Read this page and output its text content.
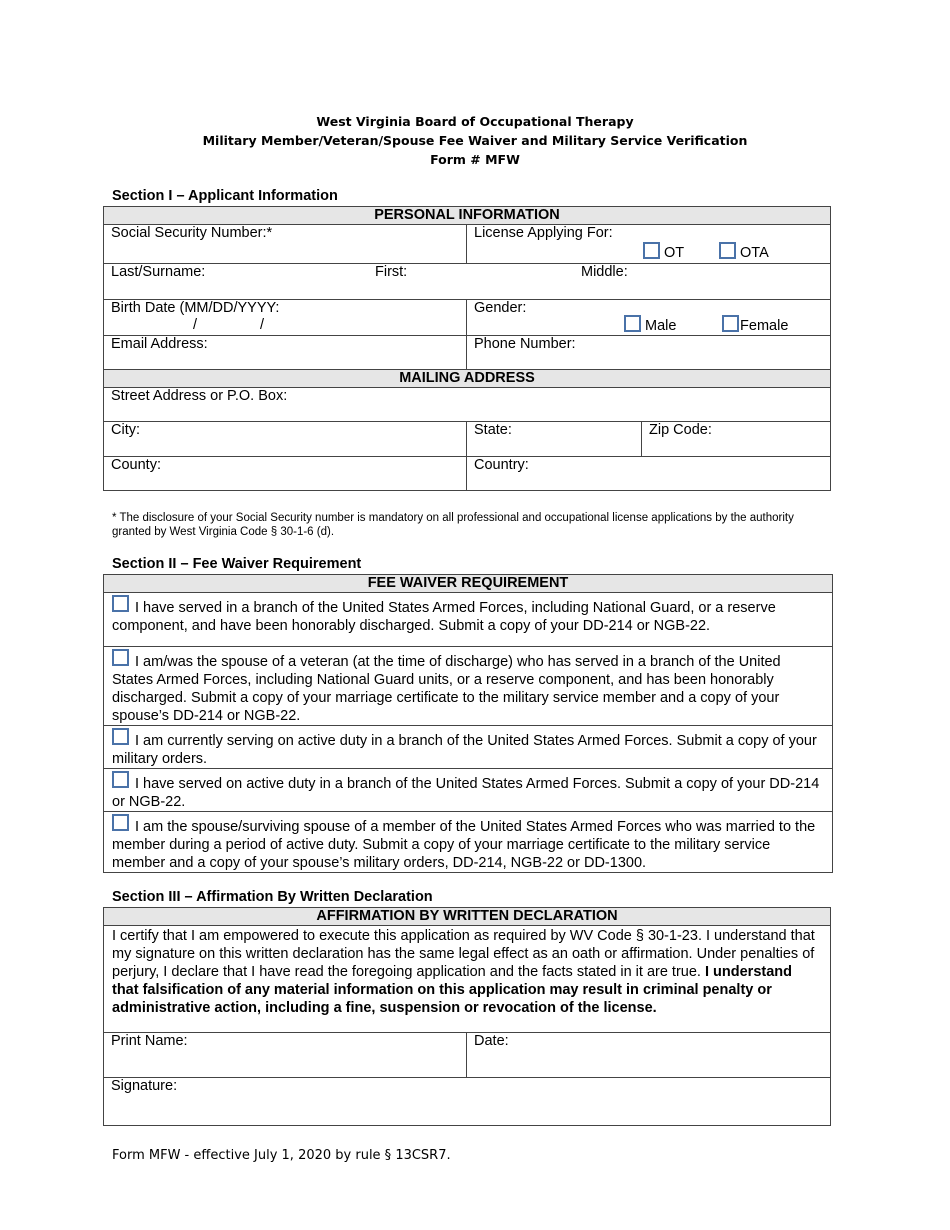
West Virginia Board of Occupational Therapy
Military Member/Veteran/Spouse Fee Waiver and Military Service Verification
Form # MFW
Section I – Applicant Information
PERSONAL INFORMATION		
Social Security Number:*	License Applying For:
OT OTA	

Last/Surname: First: Middle:		

Birth Date (MM/DD/YYYY:
/ /	Gender:
Male Female	

Email Address:	Phone Number:	
MAILING ADDRESS		
Street Address or P.O. Box:		
City:	State:	Zip Code:
County:	Country:	
* The disclosure of your Social Security number is mandatory on all professional and occupational license applications by the authority granted by West Virginia Code § 30-1-6 (d).
Section II – Fee Waiver Requirement
FEE WAIVER REQUIREMENT
I have served in a branch of the United States Armed Forces, including National Guard, or a reserve component, and have been honorably discharged. Submit a copy of your DD-214 or NGB-22.
I am/was the spouse of a veteran (at the time of discharge) who has served in a branch of the United States Armed Forces, including National Guard units, or a reserve component, and has been honorably discharged. Submit a copy of your marriage certificate to the military service member and a copy of your spouse’s DD-214 or NGB-22.
I am currently serving on active duty in a branch of the United States Armed Forces. Submit a copy of your military orders.
I have served on active duty in a branch of the United States Armed Forces. Submit a copy of your DD-214 or NGB-22.
I am the spouse/surviving spouse of a member of the United States Armed Forces who was married to the member during a period of active duty. Submit a copy of your marriage certificate to the military service member and a copy of your spouse’s military orders, DD-214, NGB-22 or DD-1300.
Section III – Affirmation By Written Declaration
AFFIRMATION BY WRITTEN DECLARATION
I certify that I am empowered to execute this application as required by WV Code § 30-1-23. I understand that my signature on this written declaration has the same legal effect as an oath or affirmation. Under penalties of perjury, I declare that I have read the foregoing application and the facts stated in it are true. I understand that falsification of any material information on this application may result in criminal penalty or administrative action, including a fine, suspension or revocation of the license.
Print Name:	Date:
Signature:
Form MFW - effective July 1, 2020 by rule § 13CSR7.
